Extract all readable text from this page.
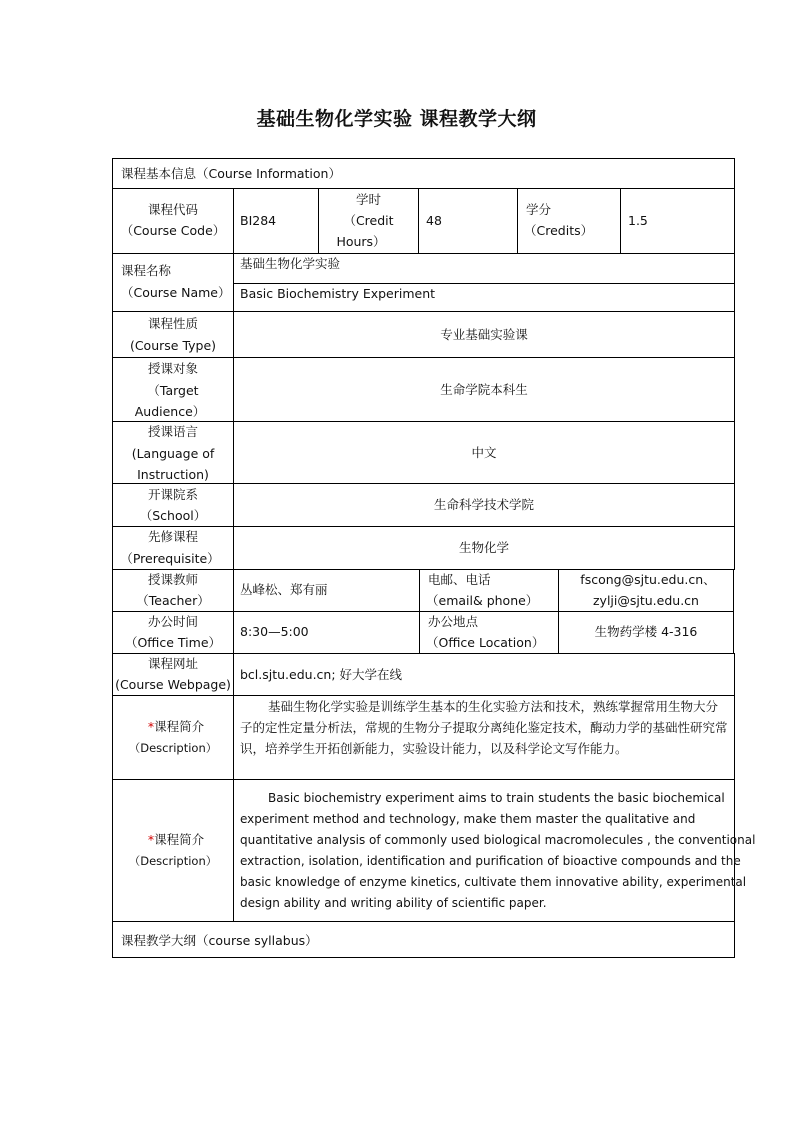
基础生物化学实验 课程教学大纲
课程基本信息（Course Information）
课程代码
（Course Code）
BI284
学时
（Credit
Hours）
48
学分
（Credits）
1.5
课程名称
（Course Name）
基础生物化学实验
Basic Biochemistry Experiment
课程性质
(Course Type)
专业基础实验课
授课对象
（Target
Audience）
生命学院本科生
授课语言
(Language of
Instruction)
中文
开课院系
（School）
生命科学技术学院
先修课程
（Prerequisite）
生物化学
授课教师
（Teacher）
丛峰松、郑有丽
电邮、电话
（email& phone）
fscong@sjtu.edu.cn、
zylji@sjtu.edu.cn
办公时间
（Office Time）
8:30—5:00
办公地点
（Office Location）
生物药学楼 4-316
课程网址
(Course Webpage)
bcl.sjtu.edu.cn; 好大学在线
*课程简介
（Description）
基础生物化学实验是训练学生基本的生化实验方法和技术，熟练掌握常用生物大分子的定性定量分析法，常规的生物分子提取分离纯化鉴定技术，酶动力学的基础性研究常识，培养学生开拓创新能力，实验设计能力，以及科学论文写作能力。
*课程简介
（Description）
Basic biochemistry experiment aims to train students the basic biochemical
experiment method and technology, make them master the qualitative and
quantitative analysis of commonly used biological macromolecules , the conventional
extraction, isolation, identification and purification of bioactive compounds and the
basic knowledge of enzyme kinetics, cultivate them innovative ability, experimental
design ability and writing ability of scientific paper.
课程教学大纲（course syllabus）
